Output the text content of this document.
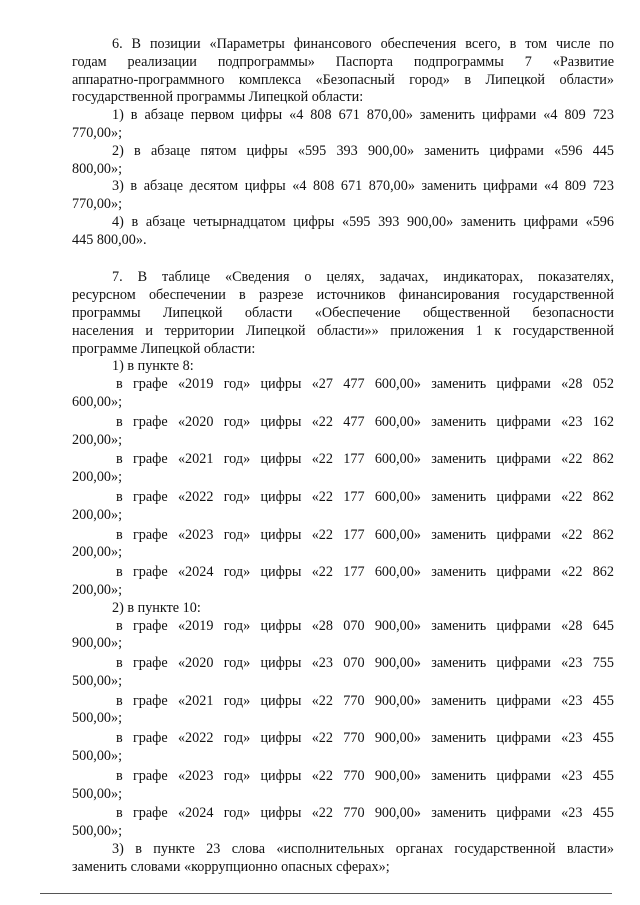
6. В позиции «Параметры финансового обеспечения всего, в том числе по
годам реализации подпрограммы» Паспорта подпрограммы 7 «Развитие
аппаратно-программного комплекса «Безопасный город» в Липецкой области»
государственной программы Липецкой области:
1) в абзаце первом цифры «4 808 671 870,00» заменить цифрами «4 809 723
770,00»;
2) в абзаце пятом цифры «595 393 900,00» заменить цифрами «596 445
800,00»;
3) в абзаце десятом цифры «4 808 671 870,00» заменить цифрами «4 809 723
770,00»;
4) в абзаце четырнадцатом цифры «595 393 900,00» заменить цифрами «596
445 800,00».
7. В таблице «Сведения о целях, задачах, индикаторах, показателях,
ресурсном обеспечении в разрезе источников финансирования государственной
программы Липецкой области «Обеспечение общественной безопасности
населения и территории Липецкой области»» приложения 1 к государственной
программе Липецкой области:
1) в пункте 8:
в графе «2019 год» цифры «27 477 600,00» заменить цифрами «28 052
600,00»;
в графе «2020 год» цифры «22 477 600,00» заменить цифрами «23 162
200,00»;
в графе «2021 год» цифры «22 177 600,00» заменить цифрами «22 862
200,00»;
в графе «2022 год» цифры «22 177 600,00» заменить цифрами «22 862
200,00»;
в графе «2023 год» цифры «22 177 600,00» заменить цифрами «22 862
200,00»;
в графе «2024 год» цифры «22 177 600,00» заменить цифрами «22 862
200,00»;
2) в пункте 10:
в графе «2019 год» цифры «28 070 900,00» заменить цифрами «28 645
900,00»;
в графе «2020 год» цифры «23 070 900,00» заменить цифрами «23 755
500,00»;
в графе «2021 год» цифры «22 770 900,00» заменить цифрами «23 455
500,00»;
в графе «2022 год» цифры «22 770 900,00» заменить цифрами «23 455
500,00»;
в графе «2023 год» цифры «22 770 900,00» заменить цифрами «23 455
500,00»;
в графе «2024 год» цифры «22 770 900,00» заменить цифрами «23 455
500,00»;
3) в пункте 23 слова «исполнительных органах государственной власти»
заменить словами «коррупционно опасных сферах»;
